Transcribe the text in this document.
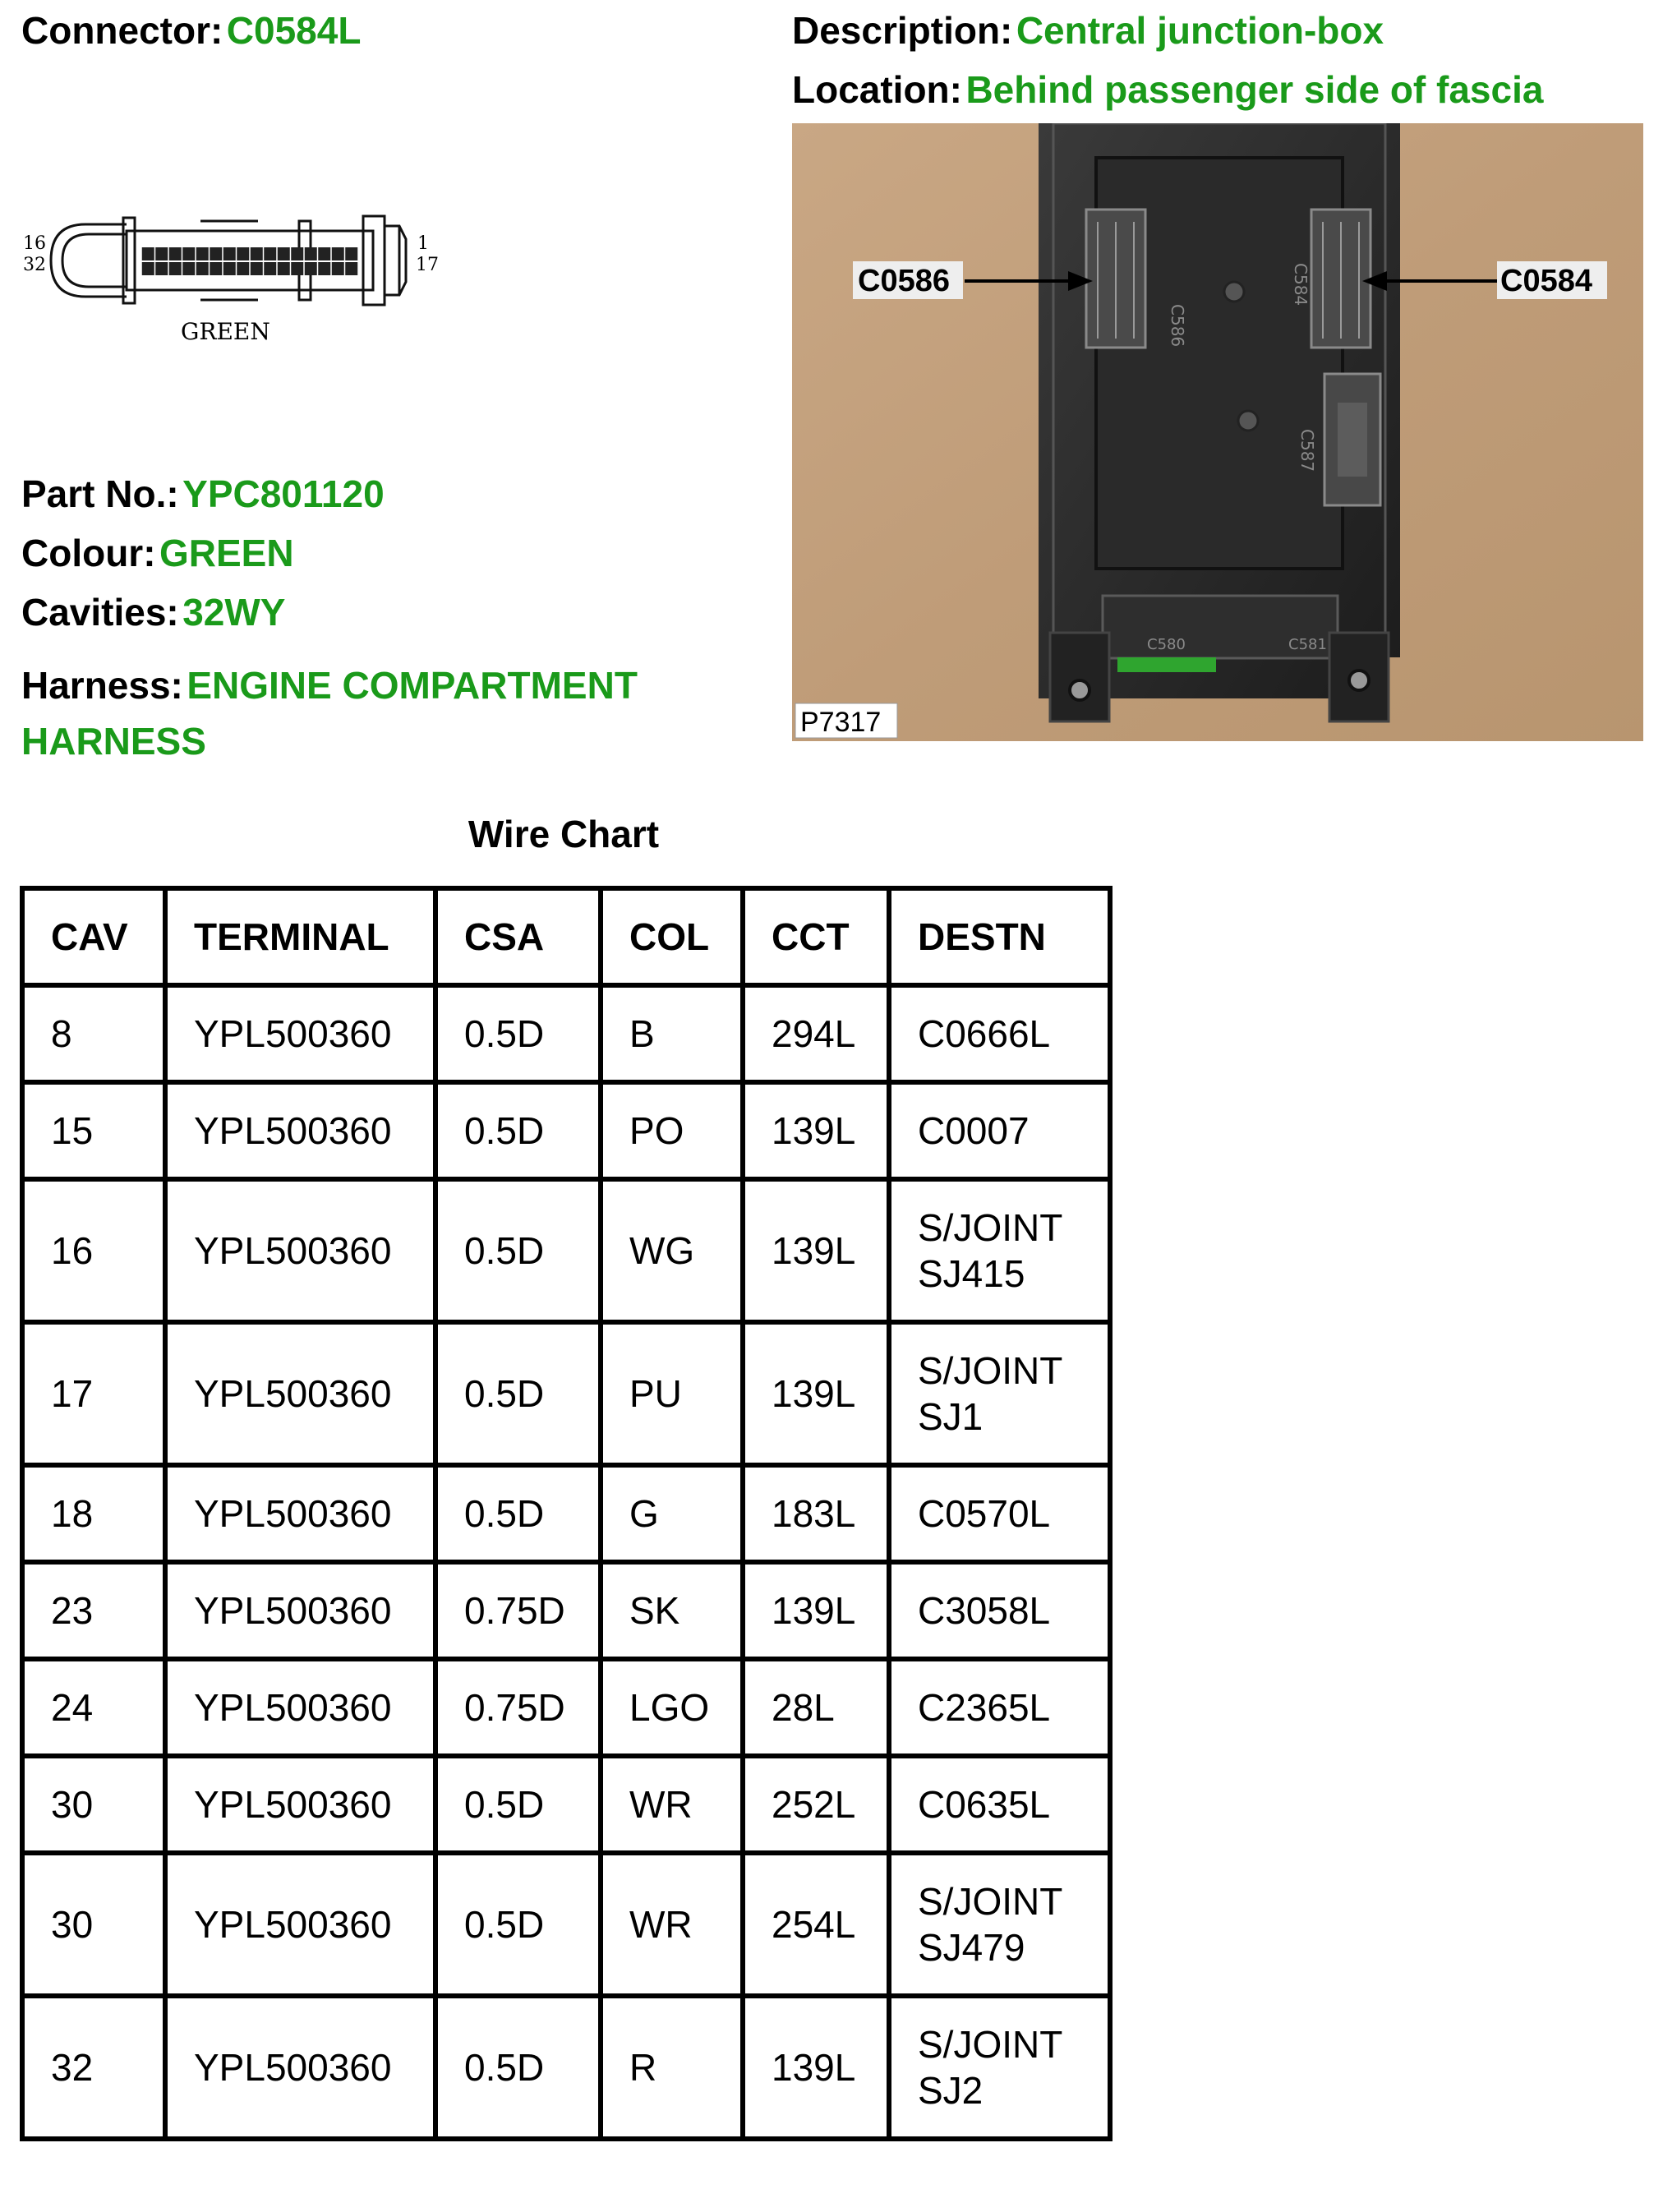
Connector: C0584L	Description: Central junction-box
Location: Behind passenger side of fascia
16
32
1
17
GREEN	C586
C584
C587
C580	C581
C0586	C0584
P7317
Part No.: YPC801120
Colour: GREEN
Cavities: 32WY
Harness: ENGINE COMPARTMENT HARNESS
Wire Chart
CAV	TERMINAL	CSA	COL	CCT	DESTN
8	YPL500360	0.5D	B	294L	C0666L
15	YPL500360	0.5D	PO	139L	C0007
16	YPL500360	0.5D	WG	139L	S/JOINT SJ415
17	YPL500360	0.5D	PU	139L	S/JOINT SJ1
18	YPL500360	0.5D	G	183L	C0570L
23	YPL500360	0.75D	SK	139L	C3058L
24	YPL500360	0.75D	LGO	28L	C2365L
30	YPL500360	0.5D	WR	252L	C0635L
30	YPL500360	0.5D	WR	254L	S/JOINT SJ479
32	YPL500360	0.5D	R	139L	S/JOINT SJ2
